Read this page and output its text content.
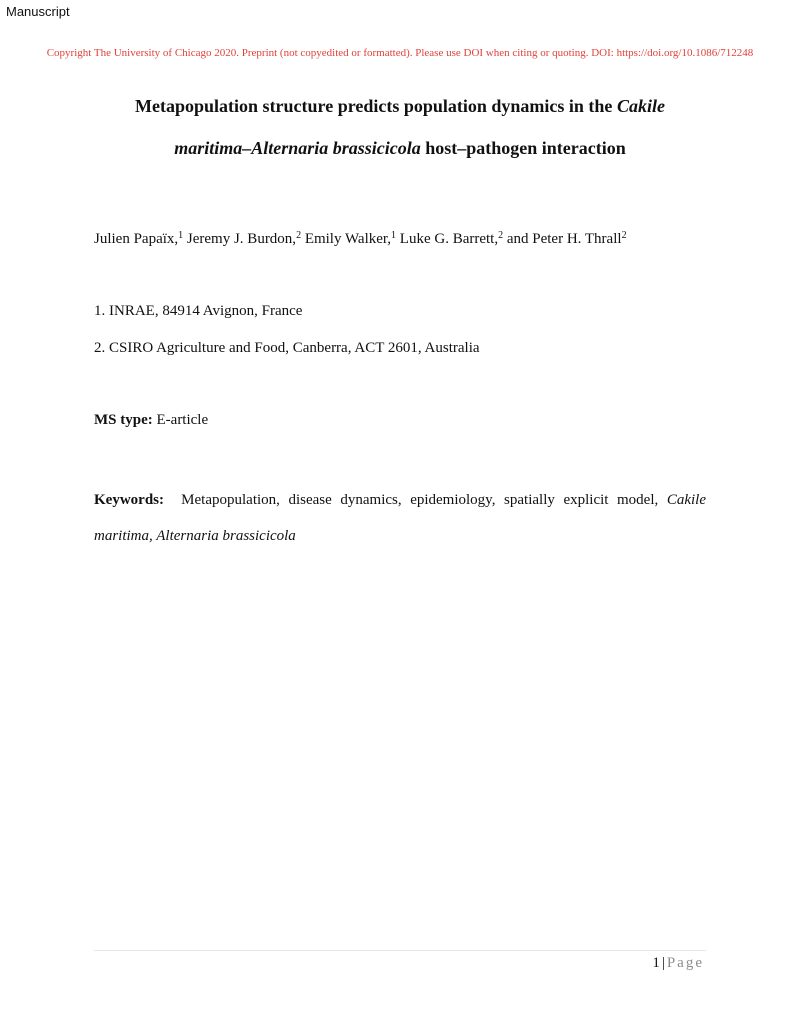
Manuscript
Copyright The University of Chicago 2020. Preprint (not copyedited or formatted). Please use DOI when citing or quoting. DOI: https://doi.org/10.1086/712248
Metapopulation structure predicts population dynamics in the Cakile
maritima–Alternaria brassicicola host–pathogen interaction
Julien Papaïx,$^1$ Jeremy J. Burdon,$^2$ Emily Walker,$^1$ Luke G. Barrett,$^2$ and Peter H. Thrall$^2$
1. INRAE, 84914 Avignon, France
2. CSIRO Agriculture and Food, Canberra, ACT 2601, Australia
MS type: E-article
Keywords: Metapopulation, disease dynamics, epidemiology, spatially explicit model, Cakile maritima, Alternaria brassicicola
1 | Page
